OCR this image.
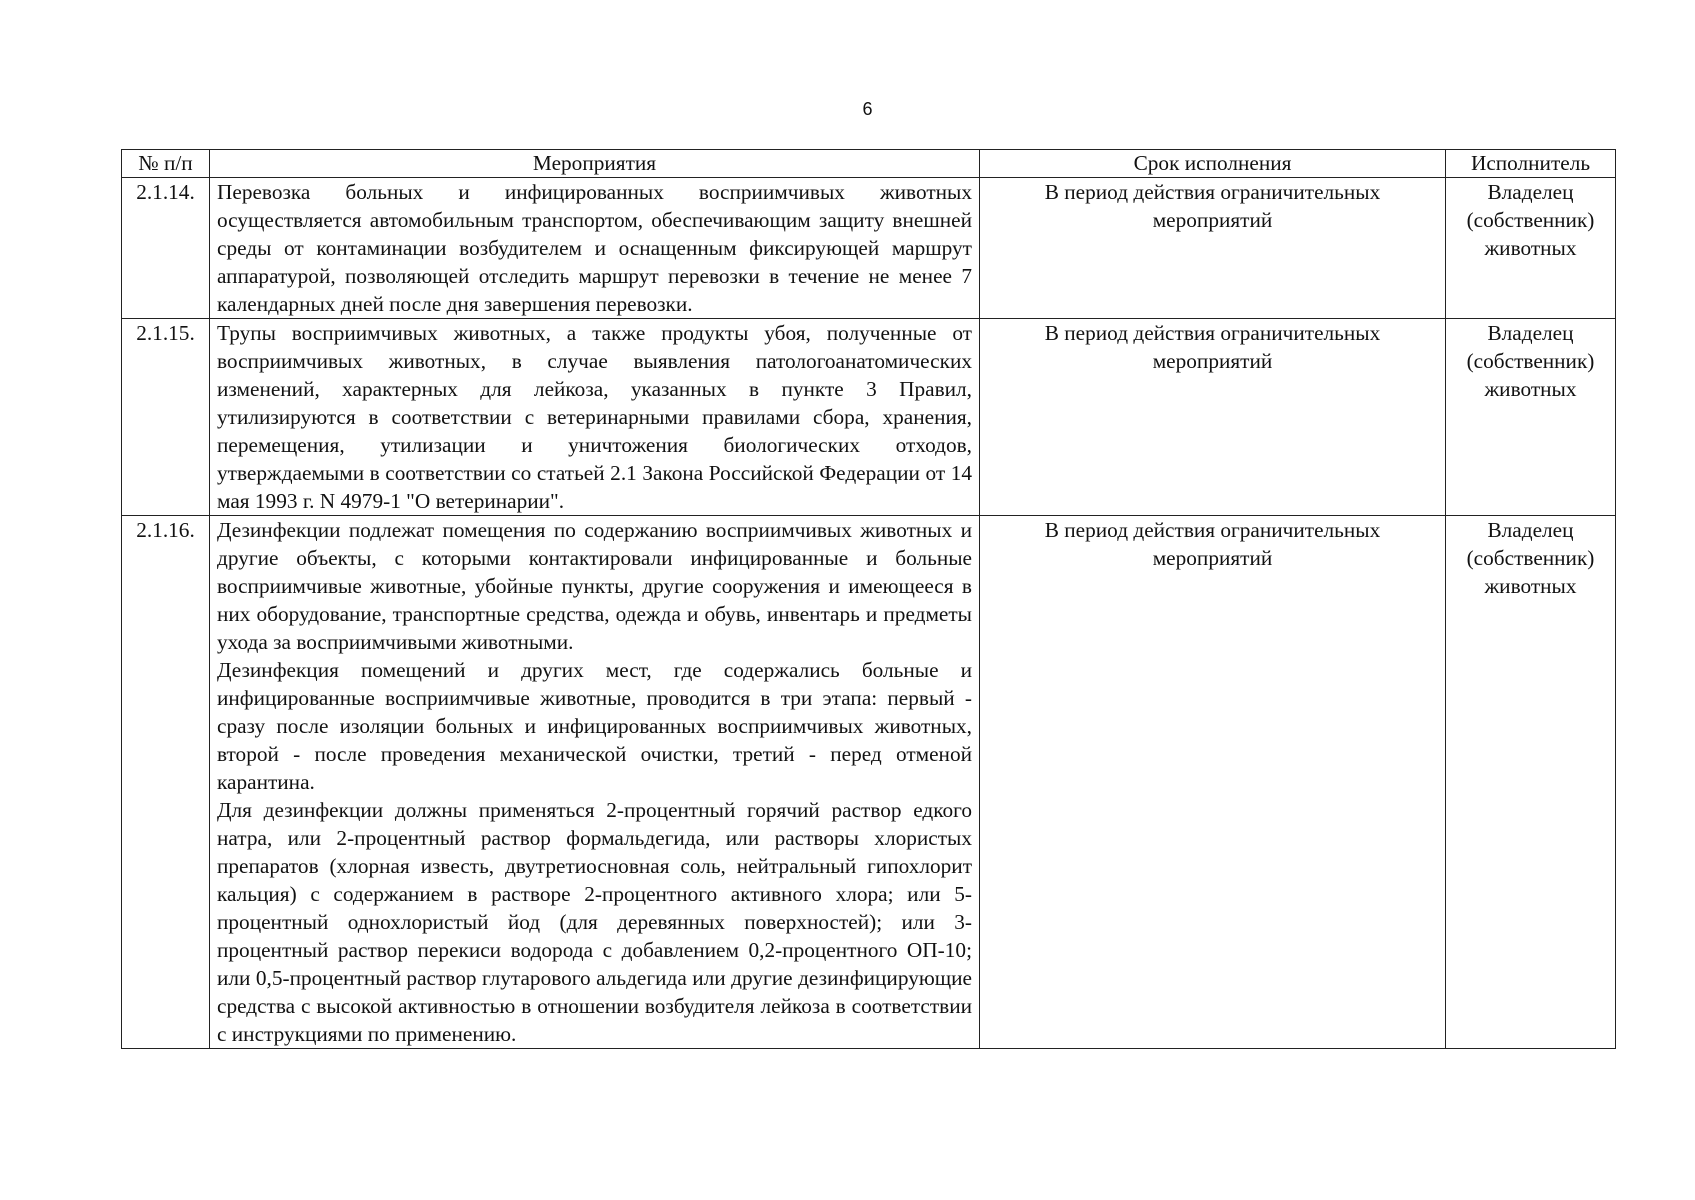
6
№ п/п	Мероприятия	Срок исполнения	Исполнитель
2.1.14.	Перевозка больных и инфицированных восприимчивых животных осуществляется автомобильным транспортом, обеспечивающим защиту внешней среды от контаминации возбудителем и оснащенным фиксирующей маршрут аппаратурой, позволяющей отследить маршрут перевозки в течение не менее 7 календарных дней после дня завершения перевозки.	В период действия ограничительных мероприятий	Владелец (собственник) животных
2.1.15.	Трупы восприимчивых животных, а также продукты убоя, полученные от восприимчивых животных, в случае выявления патологоанатомических изменений, характерных для лейкоза, указанных в пункте 3 Правил, утилизируются в соответствии с ветеринарными правилами сбора, хранения, перемещения, утилизации и уничтожения биологических отходов, утверждаемыми в соответствии со статьей 2.1 Закона Российской Федерации от 14 мая 1993 г. N 4979-1 "О ветеринарии".	В период действия ограничительных мероприятий	Владелец (собственник) животных
2.1.16.	Дезинфекции подлежат помещения по содержанию восприимчивых животных и другие объекты, с которыми контактировали инфицированные и больные восприимчивые животные, убойные пункты, другие сооружения и имеющееся в них оборудование, транспортные средства, одежда и обувь, инвентарь и предметы ухода за восприимчивыми животными.

Дезинфекция помещений и других мест, где содержались больные и инфицированные восприимчивые животные, проводится в три этапа: первый - сразу после изоляции больных и инфицированных восприимчивых животных, второй - после проведения механической очистки, третий - перед отменой карантина.

Для дезинфекции должны применяться 2-процентный горячий раствор едкого натра, или 2-процентный раствор формальдегида, или растворы хлористых препаратов (хлорная известь, двутретиосновная соль, нейтральный гипохлорит кальция) с содержанием в растворе 2-процентного активного хлора; или 5-процентный однохлористый йод (для деревянных поверхностей); или 3-процентный раствор перекиси водорода с добавлением 0,2-процентного ОП-10; или 0,5-процентный раствор глутарового альдегида или другие дезинфицирующие средства с высокой активностью в отношении возбудителя лейкоза в соответствии с инструкциями по применению.	В период действия ограничительных мероприятий	Владелец (собственник) животных
